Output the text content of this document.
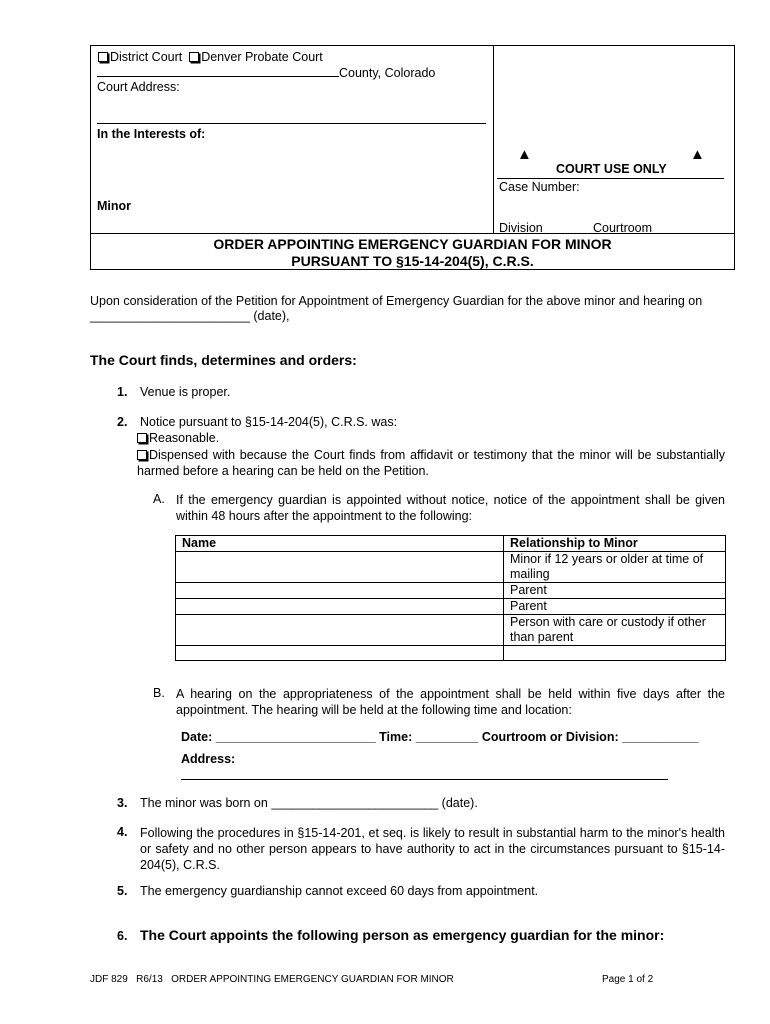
District Court Denver Probate Court
County, Colorado
Court Address:
In the Interests of:
Minor
▲	▲
COURT USE ONLY
Case Number:
Division	Courtroom
ORDER APPOINTING EMERGENCY GUARDIAN FOR MINOR
PURSUANT TO §15-14-204(5), C.R.S.
Upon consideration of the Petition for Appointment of Emergency Guardian for the above minor and hearing on
_______________________ (date),
The Court finds, determines and orders:
1. Venue is proper.
2. Notice pursuant to §15-14-204(5), C.R.S. was:
Reasonable.
Dispensed with because the Court finds from affidavit or testimony that the minor will be substantially harmed before a hearing can be held on the Petition.
A. If the emergency guardian is appointed without notice, notice of the appointment shall be given within 48 hours after the appointment to the following:
Name	Relationship to Minor
	Minor if 12 years or older at time of mailing
	Parent
	Parent
	Person with care or custody if other than parent

B. A hearing on the appropriateness of the appointment shall be held within five days after the appointment. The hearing will be held at the following time and location:
Date: _______________________ Time: _________ Courtroom or Division: ___________
Address:
3. The minor was born on ________________________ (date).
4. Following the procedures in §15-14-201, et seq. is likely to result in substantial harm to the minor's health or safety and no other person appears to have authority to act in the circumstances pursuant to §15-14-204(5), C.R.S.
5. The emergency guardianship cannot exceed 60 days from appointment.
6. The Court appoints the following person as emergency guardian for the minor:
JDF 829   R6/13   ORDER APPOINTING EMERGENCY GUARDIAN FOR MINOR	Page 1 of 2
